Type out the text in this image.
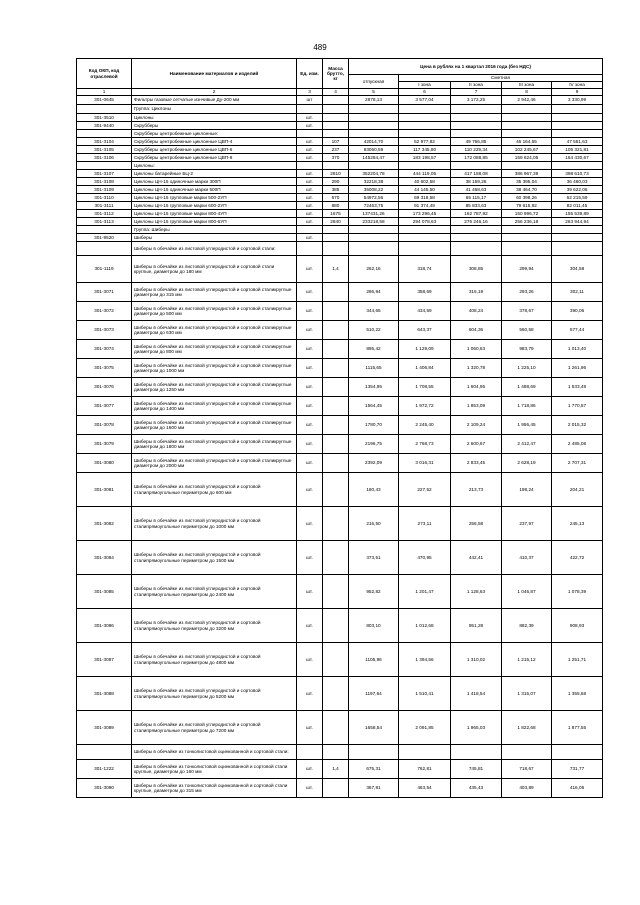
489
Код ОКП, код отраслевой	Наименование материалов и изделий	Ед. изм.	Масса брутто, кг	Цена в рублях на 1 квартал 2016 года (без НДС)				
				отпускная	Сметная			
					I зона	II зона	III зона	IV зона
1	2	3	4	5	6	7	8	9
301-0645	Фильтры газовые сетчатые изнчивые Ду-200 мм	шт		2878,13	3 577,04	3 172,25	2 942,46	3 330,99
	Группа: Циклоны							
301-3510	Циклоны	шт.						
301-9440	Скрубберы	шт.						
	Скрубберы центробежные циклонные:							
301-3104	Скрубберы центробежные циклонные ЦВП-4	шт.	107	42014,70	52 977,82	49 766,85	46 164,55	47 551,63
301-3105	Скрубберы центробежные циклонные ЦВП-6	шт.	237	93060,59	117 345,80	110 229,34	102 245,67	105 321,81
301-3106	Скрубберы центробежные циклонные ЦВП-8	шт.	370	145284,47	183 198,57	172 088,85	159 624,05	164 430,67
	Циклоны:							
301-3107	Циклоны батарейные БЦ-2	шт.	2810	352204,78	444 119,05	417 188,08	386 967,39	398 610,73
301-3108	Циклоны ЦН-15 одиночные марки 300П	шт.	290	32218,38	40 602,58	38 159,26	35 395,04	36 460,03
301-3109	Циклоны ЦН-15 одиночные марки 500П	шт.	385	35008,22	44 145,50	41 468,63	38 464,70	39 622,06
301-3110	Циклоны ЦН-15 групповые марки 500-2УП	шт.	670	54972,56	69 318,58	65 115,17	60 398,26	62 215,59
301-3111	Циклоны ЦН-15 групповые марки 600-2УП	шт.	880	72463,75	91 374,49	85 833,63	79 615,92	82 011,45
301-3112	Циклоны ЦН-15 групповые марки 800-4УП	шт.	1675	137431,26	173 296,45	162 787,92	150 996,72	155 539,89
301-3113	Циклоны ЦН-15 групповые марки 800-6УП	шт.	2840	233218,58	294 078,63	276 246,16	256 236,18	263 944,94
	Группа: Шиберы							
301-9520	Шиберы	шт.						
	Шиберы в обечайке из листовой углеродистой и сортовой стали:							
301-1119	Шиберы в обечайке из листовой углеродистой и сортовой стали круглые, диаметром до 180 мм	шт.	1,4	262,16	318,74	308,85	299,94	304,58
301-3071	Шиберы в обечайке из листовой углеродистой и сортовой сталикруглые диаметром до 315 мм	шт.		286,94	358,69	316,19	293,26	302,11
301-3072	Шиберы в обечайке из листовой углеродистой и сортовой сталикруглые диаметром до 500 мм	шт.		344,65	434,59	408,24	378,67	390,06
301-3073	Шиберы в обечайке из листовой углеродистой и сортовой сталикруглые диаметром до 630 мм	шт.		510,22	643,37	604,36	560,58	577,44
301-3074	Шиберы в обечайке из листовой углеродистой и сортовой сталикруглые диаметром до 800 мм	шт.		895,42	1 129,09	1 060,63	983,79	1 013,40
301-3075	Шиберы в обечайке из листовой углеродистой и сортовой сталикруглые диаметром до 1000 мм	шт.		1115,65	1 406,84	1 320,78	1 225,10	1 261,96
301-3076	Шиберы в обечайке из листовой углеродистой и сортовой сталикруглые диаметром до 1250 мм	шт.		1354,95	1 708,55	1 604,95	1 488,69	1 533,48
301-3077	Шиберы в обечайке из листовой углеродистой и сортовой сталикруглые диаметром до 1400 мм	шт.		1564,45	1 972,72	1 853,09	1 718,86	1 770,57
301-3078	Шиберы в обечайке из листовой углеродистой и сортовой сталикруглые диаметром до 1600 мм	шт.		1780,70	2 245,40	2 109,24	1 956,45	2 015,32
301-3079	Шиберы в обечайке из листовой углеродистой и сортовой сталикруглые диаметром до 1800 мм	шт.		2196,75	2 768,73	2 600,67	2 412,47	2 485,08
301-3080	Шиберы в обечайке из листовой углеродистой и сортовой сталикруглые диаметром до 2000 мм	шт.		2392,09	3 016,31	2 833,45	2 628,19	2 707,31
301-3081	Шиберы в обечайке из листовой углеродистой и сортовой сталипрямоугольные периметром до 600 мм	шт.		180,43	227,52	213,73	198,24	204,21
301-3082	Шиберы в обечайке из листовой углеродистой и сортовой сталипрямоугольные периметром до 1000 мм	шт.		216,50	273,11	256,58	237,97	245,13
301-3084	Шиберы в обечайке из листовой углеродистой и сортовой сталипрямоугольные периметром до 1500 мм	шт.		373,51	470,95	442,41	410,37	422,72
301-3085	Шиберы в обечайке из листовой углеродистой и сортовой сталипрямоугольные периметром до 2400 мм	шт.		952,82	1 201,47	1 128,63	1 046,87	1 078,39
301-3086	Шиберы в обечайке из листовой углеродистой и сортовой сталипрямоугольные периметром до 3200 мм	шт.		803,10	1 012,68	951,28	882,39	908,93
301-3087	Шиберы в обечайке из листовой углеродистой и сортовой сталипрямоугольные периметром до 4800 мм	шт.		1105,96	1 394,56	1 310,02	1 215,12	1 251,71
301-3088	Шиберы в обечайке из листовой углеродистой и сортовой сталипрямоугольные периметром до 5200 мм	шт.		1197,64	1 510,41	1 418,54	1 315,07	1 355,68
301-3089	Шиберы в обечайке из листовой углеродистой и сортовой сталипрямоугольные периметром до 7200 мм	шт.		1658,54	2 091,85	1 965,03	1 822,68	1 877,55
	Шиберы в обечайке из тонколистовой оцинкованной и сортовой стали:							
301-1222	Шиберы в обечайке из тонколистовой оцинкованной и сортовой стали круглые, диаметром до 160 мм	шт.	1,4	675,31	762,81	745,81	718,67	731,77
301-3090	Шиберы в обечайке из тонколистовой оцинкованной и сортовой стали круглые, диаметром до 315 мм	шт.		367,81	463,54	435,43	403,89	416,05
